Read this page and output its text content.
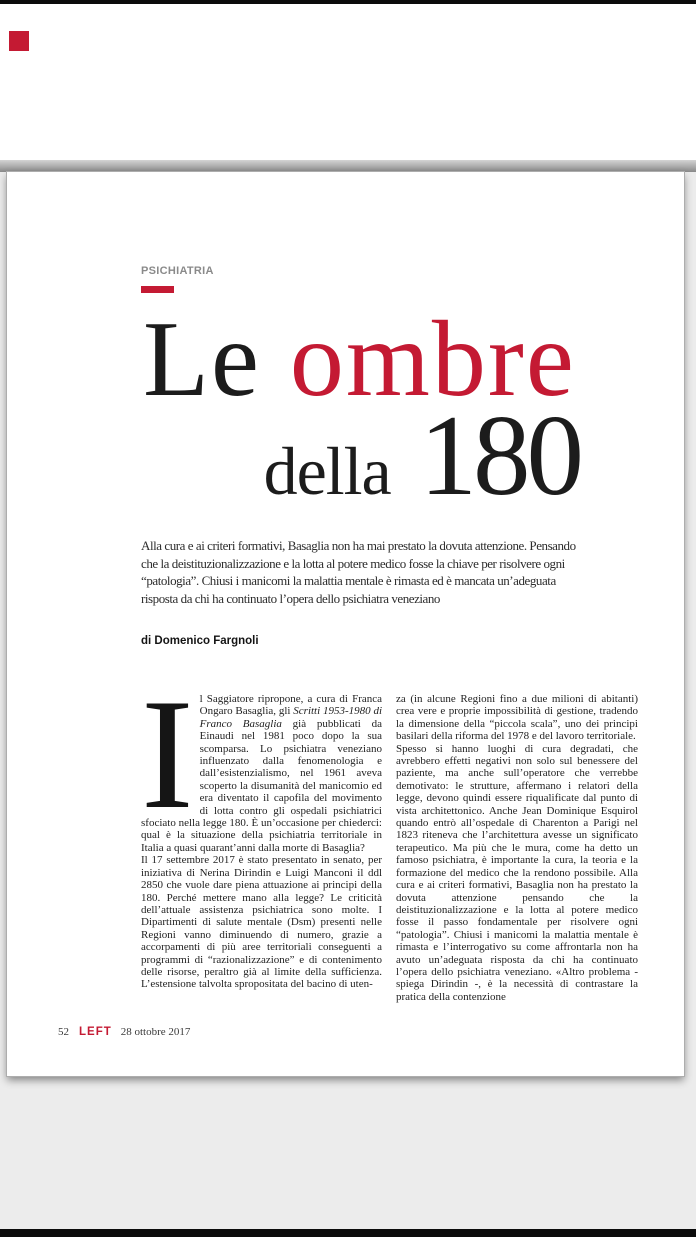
PSICHIATRIA
Le ombre
della 180
Alla cura e ai criteri formativi, Basaglia non ha mai prestato la dovuta attenzione. Pensando che la deistituzionalizzazione e la lotta al potere medico fosse la chiave per risolvere ogni “patologia”. Chiusi i manicomi la malattia mentale è rimasta ed è mancata un’adeguata risposta da chi ha continuato l’opera dello psichiatra veneziano
di Domenico Fargnoli

Il Saggiatore ripropone, a cura di Franca Ongaro Basaglia, gli Scritti 1953-1980 di Franco Basaglia già pubblicati da Einaudi nel 1981 poco dopo la sua scomparsa. Lo psichiatra veneziano influenzato dalla fenomenologia e dall’esistenzialismo, nel 1961 aveva scoperto la disumanità del manicomio ed era diventato il capofila del movimento di lotta contro gli ospedali psichiatrici sfociato nella legge 180. È un’occasione per chiederci: qual è la situazione della psichiatria territoriale in Italia a quasi quarant’anni dalla morte di Basaglia?

Il 17 settembre 2017 è stato presentato in senato, per iniziativa di Nerina Dirindin e Luigi Manconi il ddl 2850 che vuole dare piena attuazione ai principi della 180. Perché mettere mano alla legge? Le criticità dell’attuale assistenza psichiatrica sono molte. I Dipartimenti di salute mentale (Dsm) presenti nelle Regioni vanno diminuendo di numero, grazie a accorpamenti di più aree territoriali conseguenti a programmi di “razionalizzazione” e di contenimento delle risorse, peraltro già al limite della sufficienza. L’estensione talvolta spropositata del bacino di uten-

za (in alcune Regioni fino a due milioni di abitanti) crea vere e proprie impossibilità di gestione, tradendo la dimensione della “piccola scala”, uno dei principi basilari della riforma del 1978 e del lavoro territoriale.

Spesso si hanno luoghi di cura degradati, che avrebbero effetti negativi non solo sul benessere del paziente, ma anche sull’operatore che verrebbe demotivato: le strutture, affermano i relatori della legge, devono quindi essere riqualificate dal punto di vista architettonico. Anche Jean Dominique Esquirol quando entrò all’ospedale di Charenton a Parigi nel 1823 riteneva che l’architettura avesse un significato terapeutico. Ma più che le mura, come ha detto un famoso psichiatra, è importante la cura, la teoria e la formazione del medico che la rendono possibile. Alla cura e ai criteri formativi, Basaglia non ha prestato la dovuta attenzione pensando che la deistituzionalizzazione e la lotta al potere medico fosse il passo fondamentale per risolvere ogni “patologia”. Chiusi i manicomi la malattia mentale è rimasta e l’interrogativo su come affrontarla non ha avuto un’adeguata risposta da chi ha continuato l’opera dello psichiatra veneziano. «Altro problema - spiega Dirindin -, è la necessità di contrastare la pratica della contenzione

52 LEFT 28 ottobre 2017
